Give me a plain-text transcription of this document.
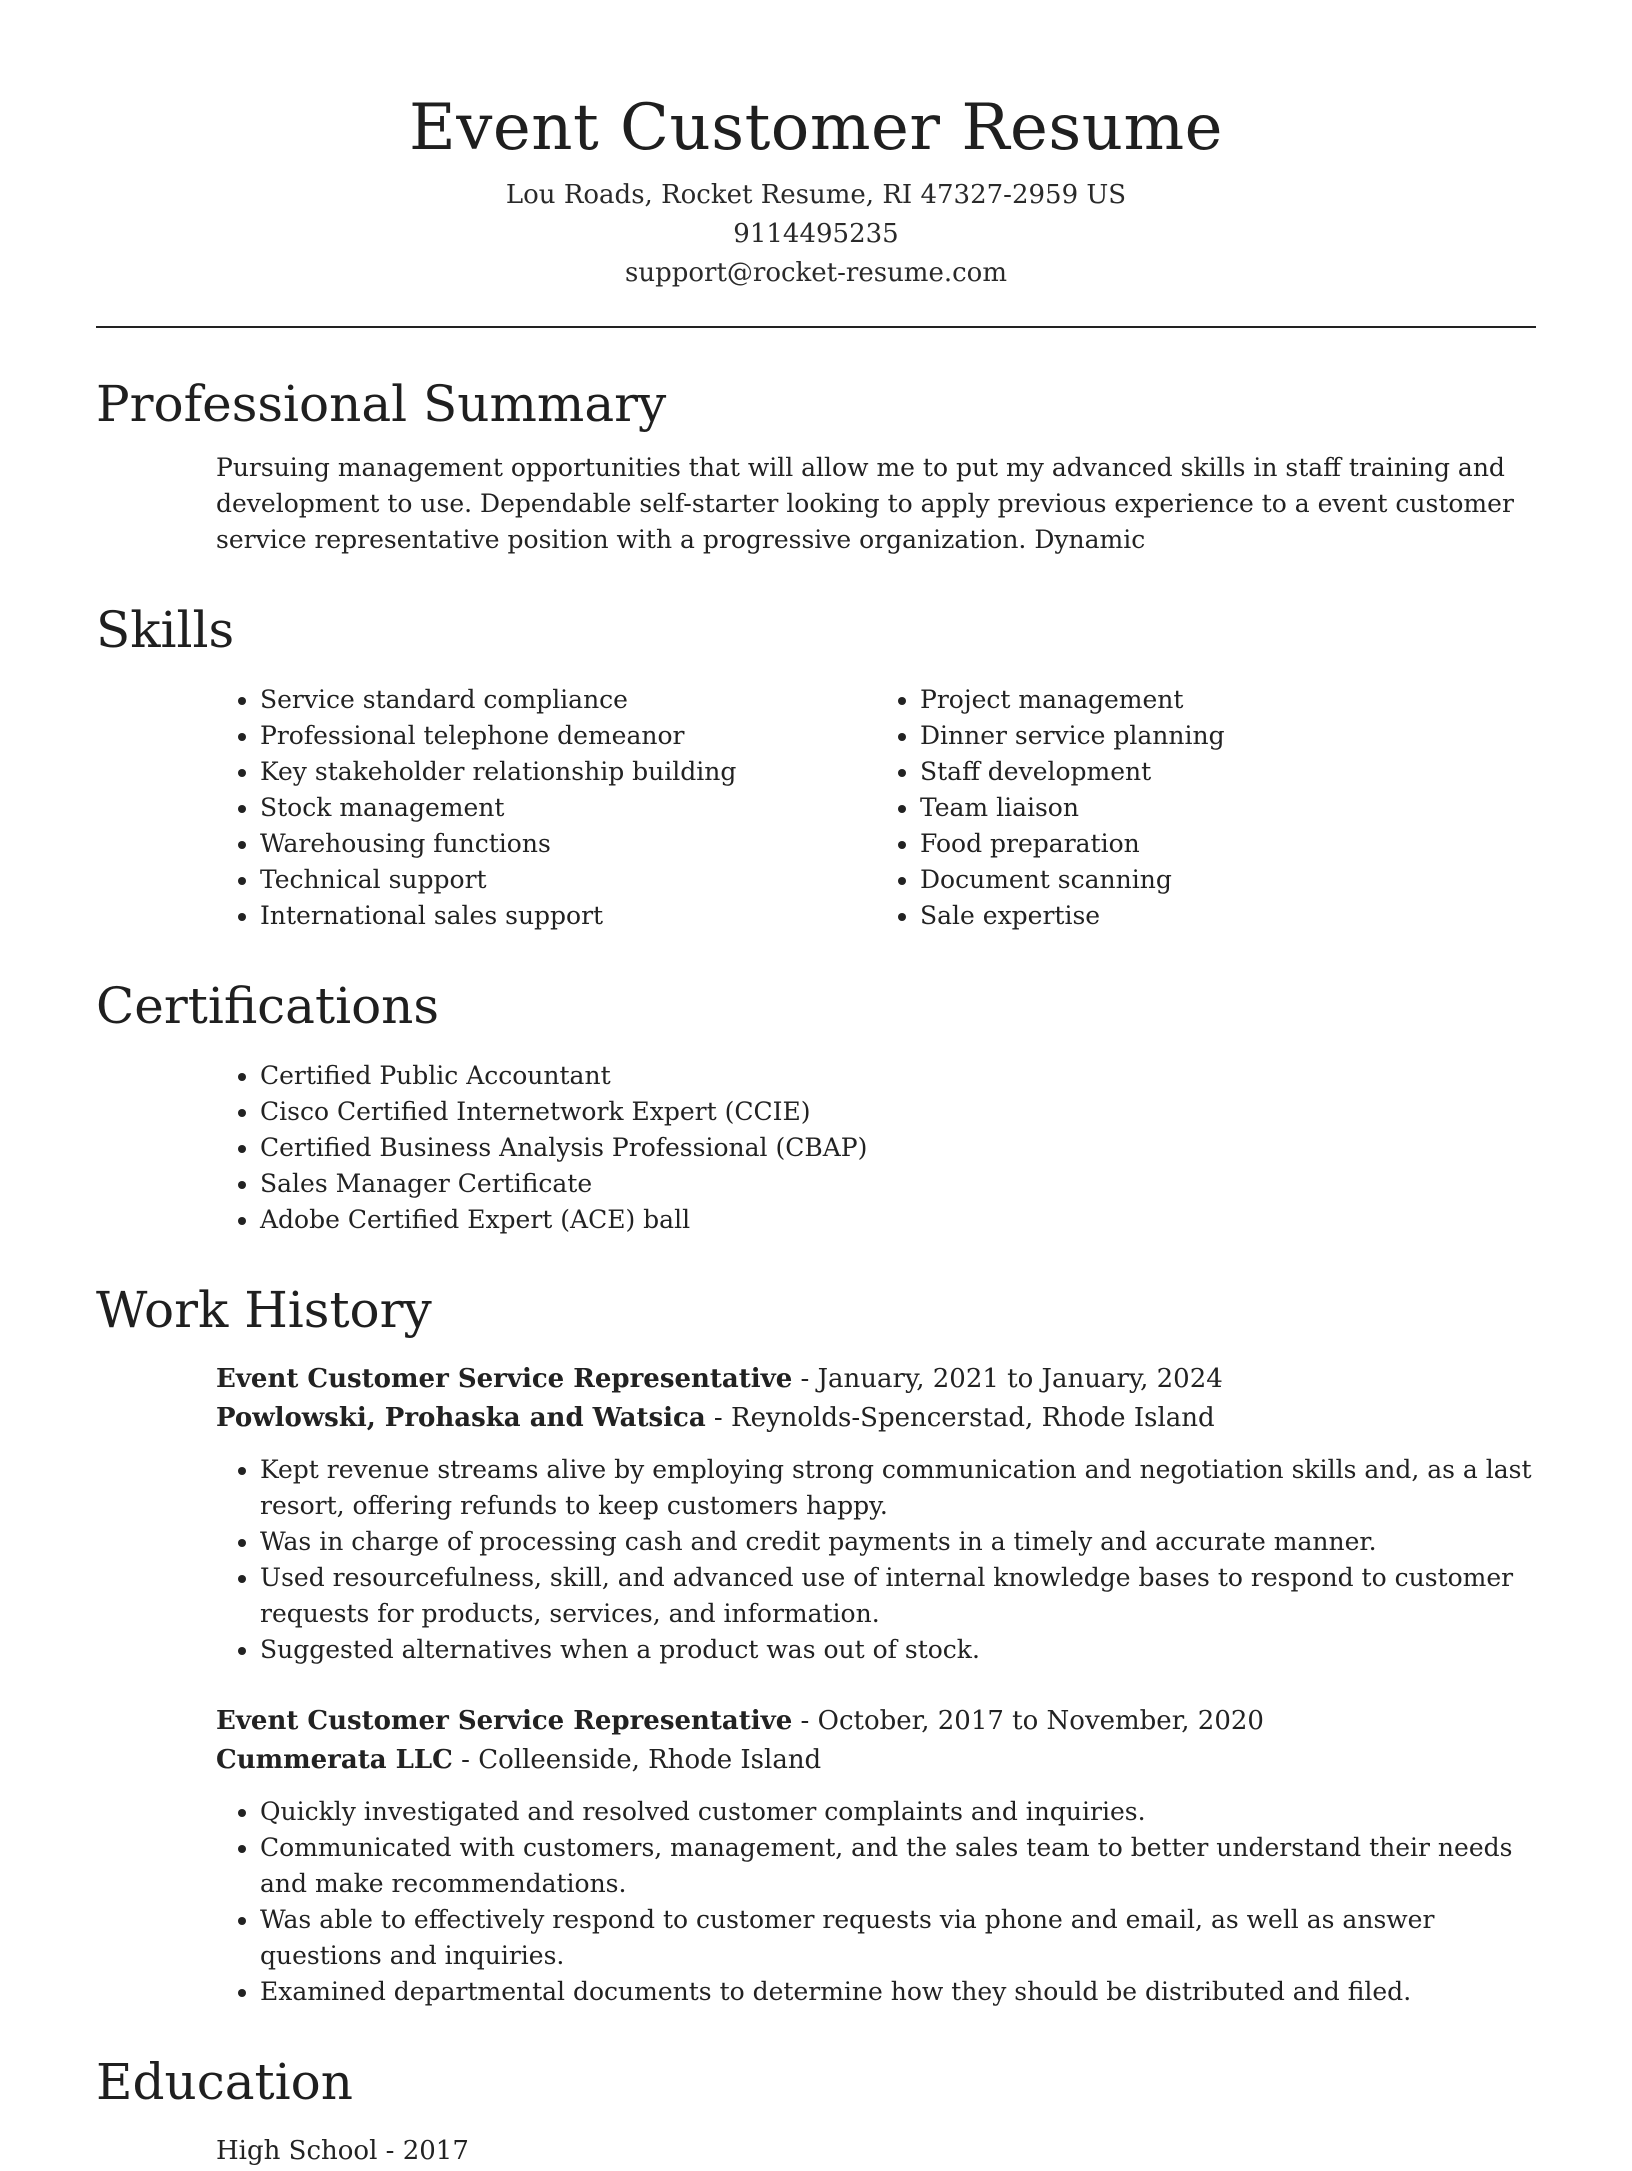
Event Customer Resume
Lou Roads, Rocket Resume, RI 47327-2959 US
9114495235
support@rocket-resume.com
Professional Summary

Pursuing management opportunities that will allow me to put my advanced skills in staff training and development to use. Dependable self-starter looking to apply previous experience to a event customer service representative position with a progressive organization. Dynamic

Skills
• Service standard compliance
• Professional telephone demeanor
• Key stakeholder relationship building
• Stock management
• Warehousing functions
• Technical support
• International sales support
• Project management
• Dinner service planning
• Staff development
• Team liaison
• Food preparation
• Document scanning
• Sale expertise
Certifications
• Certified Public Accountant
• Cisco Certified Internetwork Expert (CCIE)
• Certified Business Analysis Professional (CBAP)
• Sales Manager Certificate
• Adobe Certified Expert (ACE) ball
Work History
Event Customer Service Representative - January, 2021 to January, 2024
Powlowski, Prohaska and Watsica - Reynolds-Spencerstad, Rhode Island
• Kept revenue streams alive by employing strong communication and negotiation skills and, as a last resort, offering refunds to keep customers happy.
• Was in charge of processing cash and credit payments in a timely and accurate manner.
• Used resourcefulness, skill, and advanced use of internal knowledge bases to respond to customer requests for products, services, and information.
• Suggested alternatives when a product was out of stock.
Event Customer Service Representative - October, 2017 to November, 2020
Cummerata LLC - Colleenside, Rhode Island
• Quickly investigated and resolved customer complaints and inquiries.
• Communicated with customers, management, and the sales team to better understand their needs and make recommendations.
• Was able to effectively respond to customer requests via phone and email, as well as answer questions and inquiries.
• Examined departmental documents to determine how they should be distributed and filed.
Education
High School - 2017
